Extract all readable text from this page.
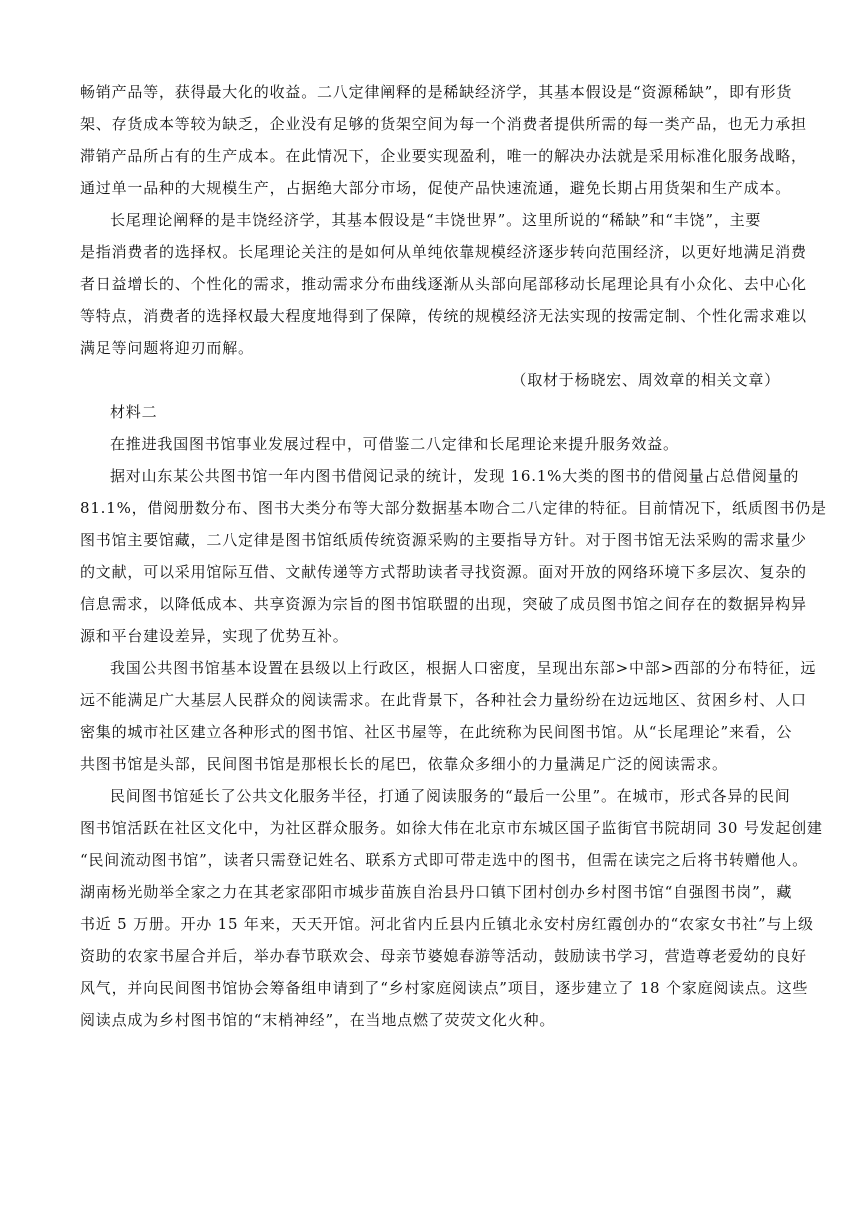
畅销产品等，获得最大化的收益。二八定律阐释的是稀缺经济学，其基本假设是“资源稀缺”，即有形货
架、存货成本等较为缺乏，企业没有足够的货架空间为每一个消费者提供所需的每一类产品，也无力承担
滞销产品所占有的生产成本。在此情况下，企业要实现盈利，唯一的解决办法就是采用标准化服务战略，
通过单一品种的大规模生产，占据绝大部分市场，促使产品快速流通，避免长期占用货架和生产成本。
长尾理论阐释的是丰饶经济学，其基本假设是“丰饶世界”。这里所说的“稀缺”和“丰饶”，主要
是指消费者的选择权。长尾理论关注的是如何从单纯依靠规模经济逐步转向范围经济，以更好地满足消费
者日益增长的、个性化的需求，推动需求分布曲线逐渐从头部向尾部移动长尾理论具有小众化、去中心化
等特点，消费者的选择权最大程度地得到了保障，传统的规模经济无法实现的按需定制、个性化需求难以
满足等问题将迎刃而解。
（取材于杨晓宏、周效章的相关文章）
材料二
在推进我国图书馆事业发展过程中，可借鉴二八定律和长尾理论来提升服务效益。
据对山东某公共图书馆一年内图书借阅记录的统计，发现 16.1%大类的图书的借阅量占总借阅量的
81.1%，借阅册数分布、图书大类分布等大部分数据基本吻合二八定律的特征。目前情况下，纸质图书仍是
图书馆主要馆藏，二八定律是图书馆纸质传统资源采购的主要指导方针。对于图书馆无法采购的需求量少
的文献，可以采用馆际互借、文献传递等方式帮助读者寻找资源。面对开放的网络环境下多层次、复杂的
信息需求，以降低成本、共享资源为宗旨的图书馆联盟的出现，突破了成员图书馆之间存在的数据异构异
源和平台建设差异，实现了优势互补。
我国公共图书馆基本设置在县级以上行政区，根据人口密度，呈现出东部>中部>西部的分布特征，远
远不能满足广大基层人民群众的阅读需求。在此背景下，各种社会力量纷纷在边远地区、贫困乡村、人口
密集的城市社区建立各种形式的图书馆、社区书屋等，在此统称为民间图书馆。从“长尾理论”来看，公
共图书馆是头部，民间图书馆是那根长长的尾巴，依靠众多细小的力量满足广泛的阅读需求。
民间图书馆延长了公共文化服务半径，打通了阅读服务的“最后一公里”。在城市，形式各异的民间
图书馆活跃在社区文化中，为社区群众服务。如徐大伟在北京市东城区国子监街官书院胡同 30 号发起创建
“民间流动图书馆”，读者只需登记姓名、联系方式即可带走选中的图书，但需在读完之后将书转赠他人。
湖南杨光勋举全家之力在其老家邵阳市城步苗族自治县丹口镇下团村创办乡村图书馆“自强图书岗”，藏
书近 5 万册。开办 15 年来，天天开馆。河北省内丘县内丘镇北永安村房红霞创办的“农家女书社”与上级
资助的农家书屋合并后，举办春节联欢会、母亲节婆媳春游等活动，鼓励读书学习，营造尊老爱幼的良好
风气，并向民间图书馆协会筹备组申请到了“乡村家庭阅读点”项目，逐步建立了 18 个家庭阅读点。这些
阅读点成为乡村图书馆的“末梢神经”，在当地点燃了荧荧文化火种。
